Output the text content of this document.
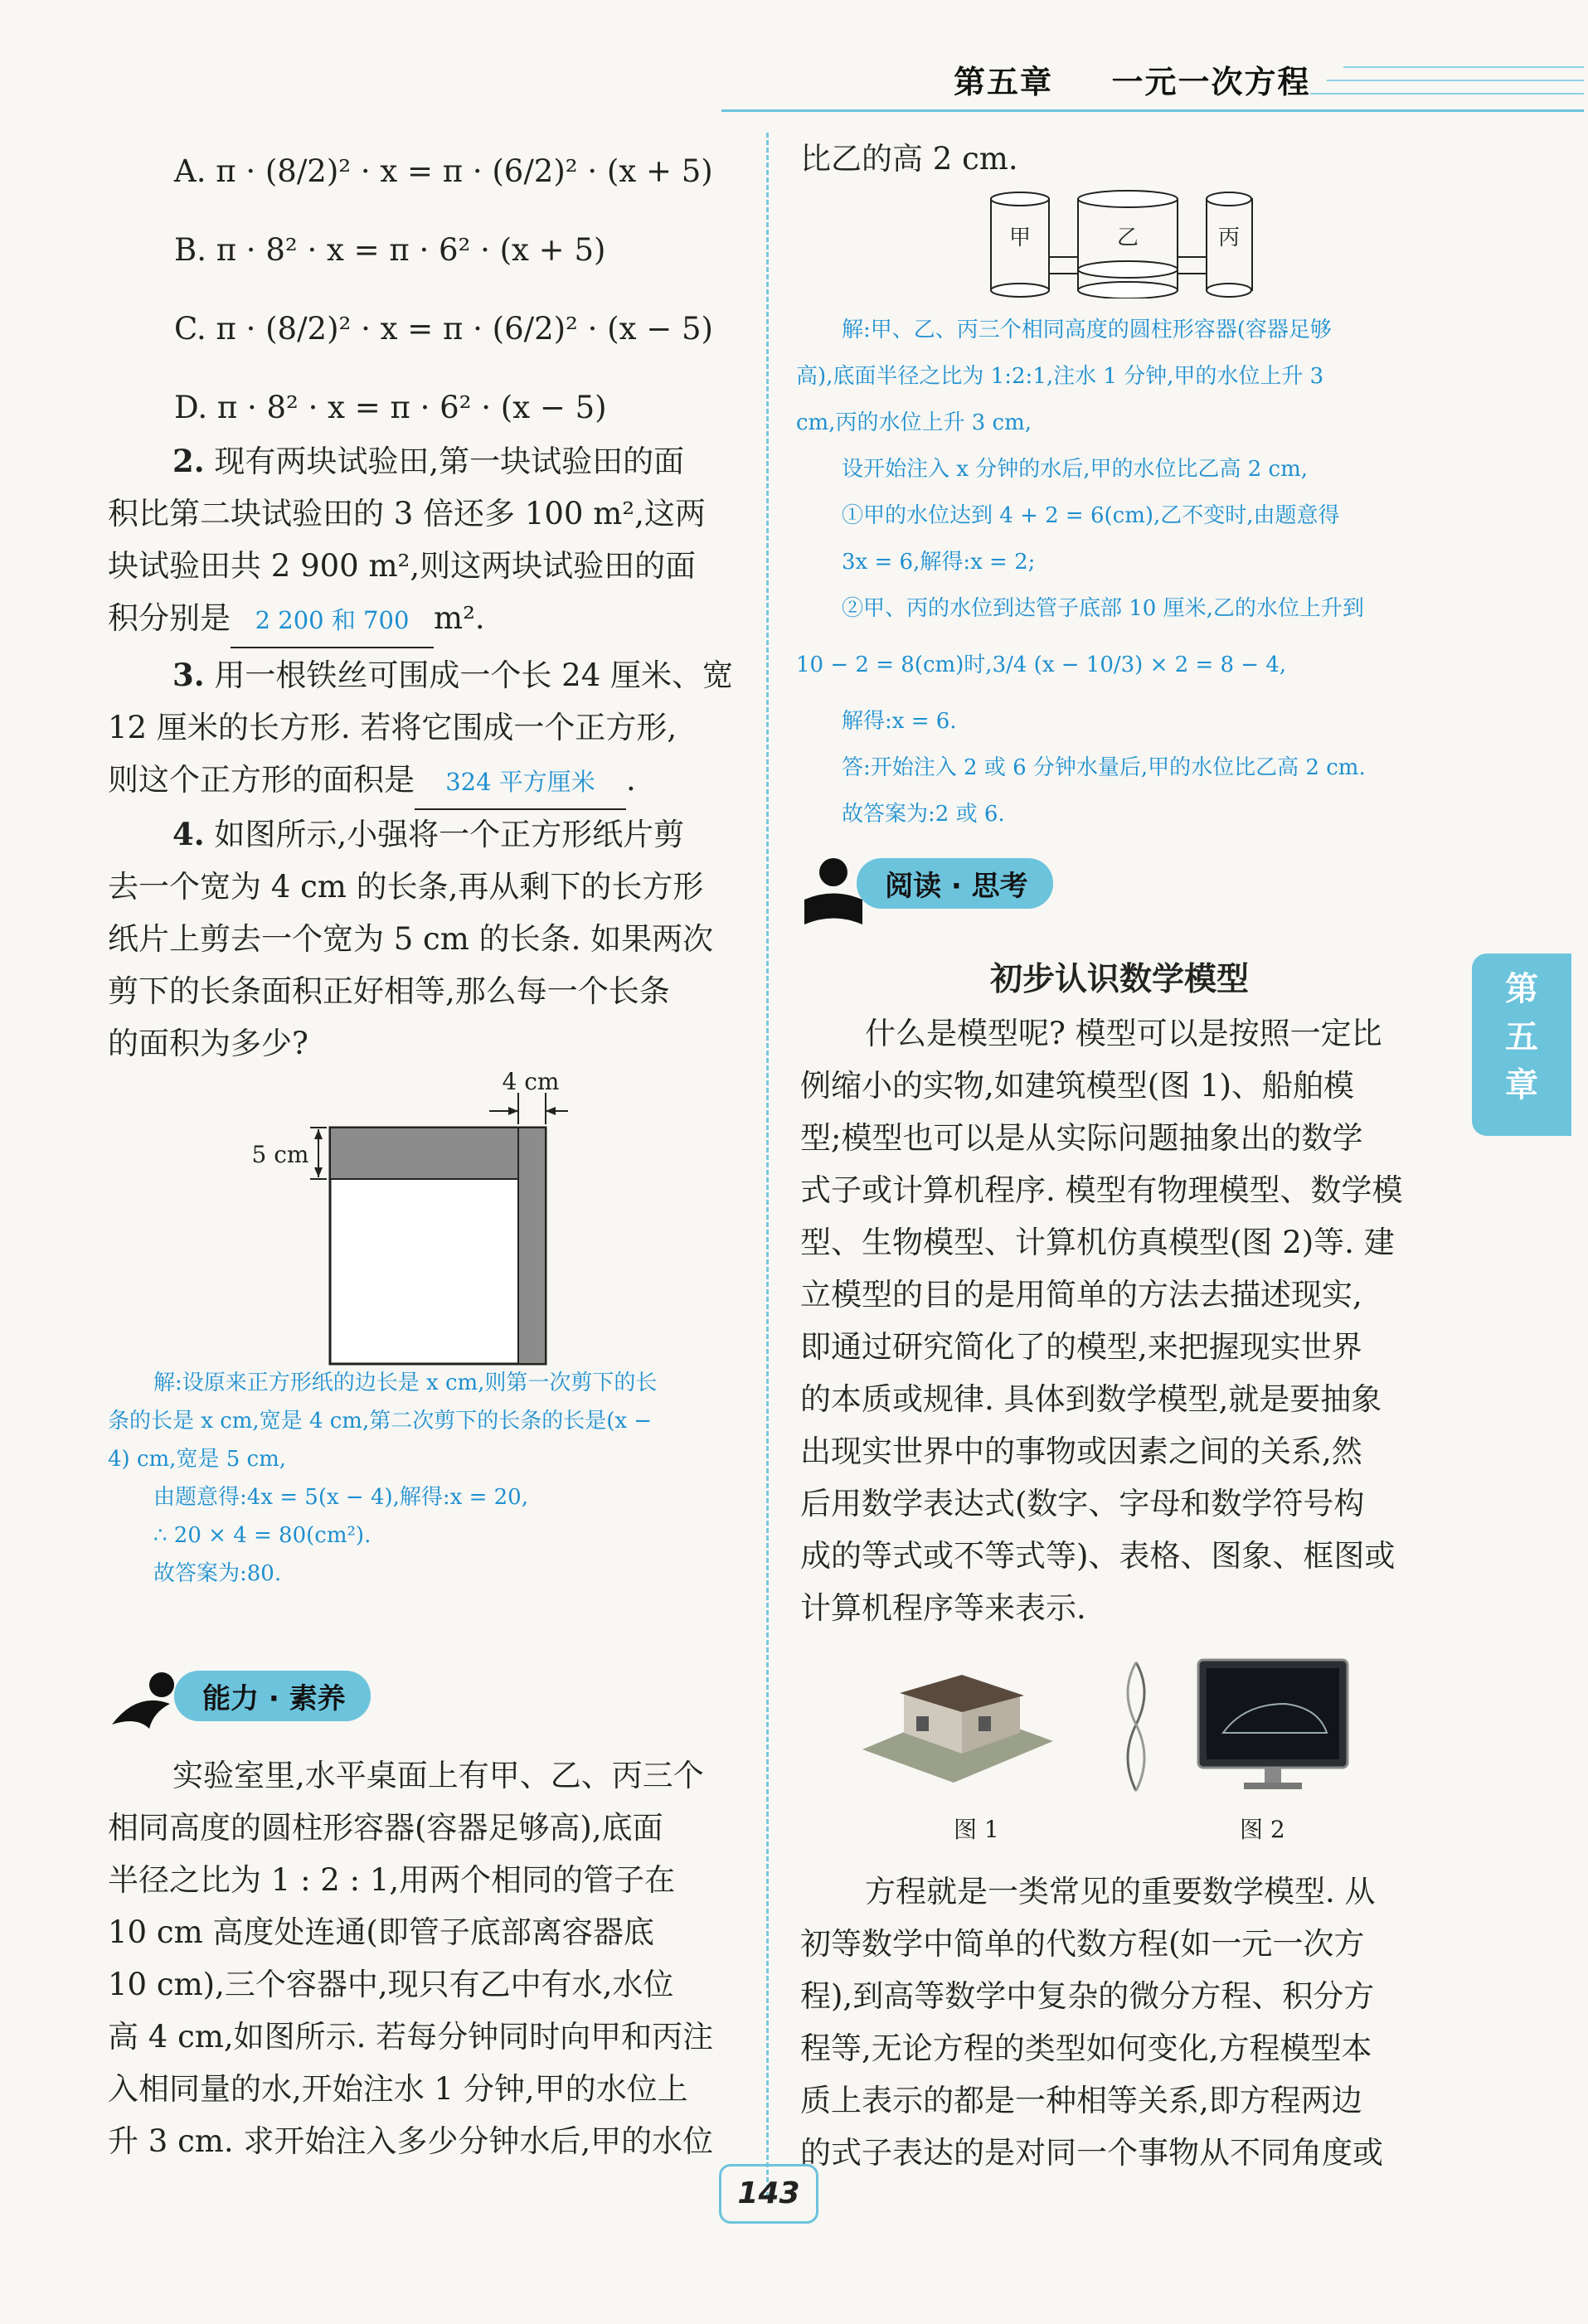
第五章 一元一次方程
第五章
A. π · (8/2)² · x = π · (6/2)² · (x + 5)
B. π · 8² · x = π · 6² · (x + 5)
C. π · (8/2)² · x = π · (6/2)² · (x − 5)
D. π · 8² · x = π · 6² · (x − 5)
2. 现有两块试验田,第一块试验田的面
积比第二块试验田的 3 倍还多 100 m²,这两
块试验田共 2 900 m²,则这两块试验田的面
积分别是 2 200 和 700 m².
3. 用一根铁丝可围成一个长 24 厘米、宽
12 厘米的长方形. 若将它围成一个正方形,
则这个正方形的面积是 324 平方厘米 .
4. 如图所示,小强将一个正方形纸片剪
去一个宽为 4 cm 的长条,再从剩下的长方形
纸片上剪去一个宽为 5 cm 的长条. 如果两次
剪下的长条面积正好相等,那么每一个长条
的面积为多少?
4 cm
5 cm
解:设原来正方形纸的边长是 x cm,则第一次剪下的长
条的长是 x cm,宽是 4 cm,第二次剪下的长条的长是(x −
4) cm,宽是 5 cm,
由题意得:4x = 5(x − 4),解得:x = 20,
∴ 20 × 4 = 80(cm²).
故答案为:80.
能力 · 素养
实验室里,水平桌面上有甲、乙、丙三个
相同高度的圆柱形容器(容器足够高),底面
半径之比为 1 : 2 : 1,用两个相同的管子在
10 cm 高度处连通(即管子底部离容器底
10 cm),三个容器中,现只有乙中有水,水位
高 4 cm,如图所示. 若每分钟同时向甲和丙注
入相同量的水,开始注水 1 分钟,甲的水位上
升 3 cm. 求开始注入多少分钟水后,甲的水位
比乙的高 2 cm.
甲	乙	丙
解:甲、乙、丙三个相同高度的圆柱形容器(容器足够
高),底面半径之比为 1:2:1,注水 1 分钟,甲的水位上升 3
cm,丙的水位上升 3 cm,
设开始注入 x 分钟的水后,甲的水位比乙高 2 cm,
①甲的水位达到 4 + 2 = 6(cm),乙不变时,由题意得
3x = 6,解得:x = 2;
②甲、丙的水位到达管子底部 10 厘米,乙的水位上升到
10 − 2 = 8(cm)时,3/4 (x − 10/3) × 2 = 8 − 4,
解得:x = 6.
答:开始注入 2 或 6 分钟水量后,甲的水位比乙高 2 cm.
故答案为:2 或 6.
阅读 · 思考
初步认识数学模型
什么是模型呢? 模型可以是按照一定比
例缩小的实物,如建筑模型(图 1)、船舶模
型;模型也可以是从实际问题抽象出的数学
式子或计算机程序. 模型有物理模型、数学模
型、生物模型、计算机仿真模型(图 2)等. 建
立模型的目的是用简单的方法去描述现实,
即通过研究简化了的模型,来把握现实世界
的本质或规律. 具体到数学模型,就是要抽象
出现实世界中的事物或因素之间的关系,然
后用数学表达式(数字、字母和数学符号构
成的等式或不等式等)、表格、图象、框图或
计算机程序等来表示.
图 1	图 2
方程就是一类常见的重要数学模型. 从
初等数学中简单的代数方程(如一元一次方
程),到高等数学中复杂的微分方程、积分方
程等,无论方程的类型如何变化,方程模型本
质上表示的都是一种相等关系,即方程两边
的式子表达的是对同一个事物从不同角度或
143
